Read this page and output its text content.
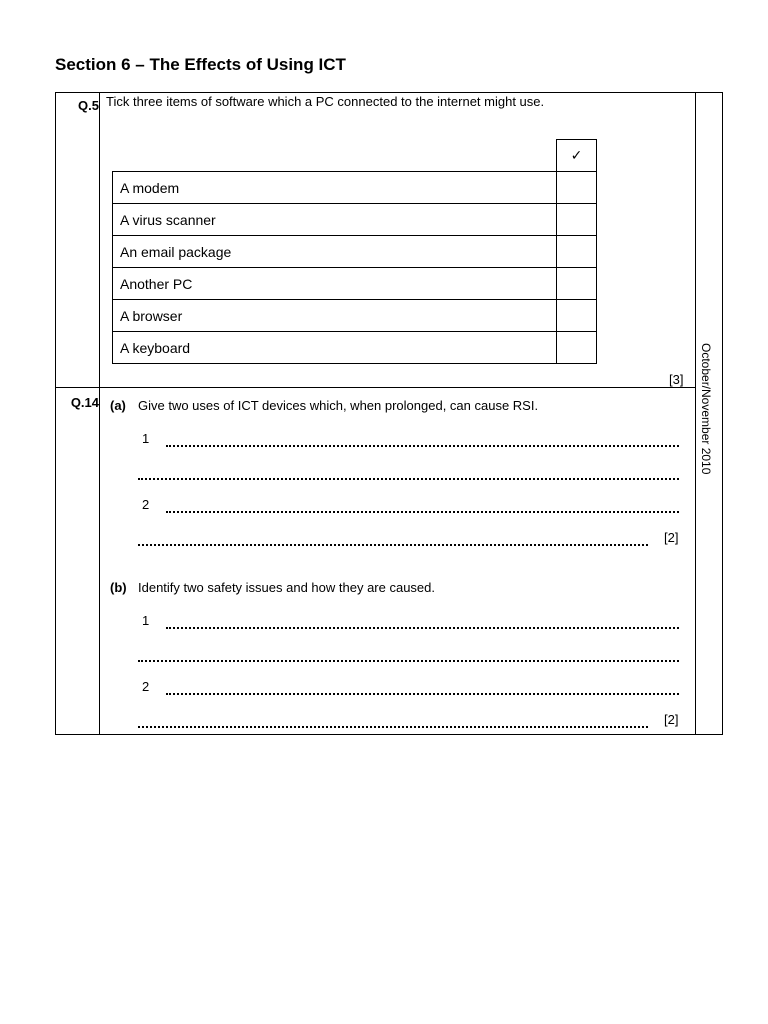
Section 6 – The Effects of Using ICT
Q.5 Tick three items of software which a PC connected to the internet might use.
	✓
A modem	
A virus scanner	
An email package	
Another PC	
A browser	
A keyboard	
[3]
Q.14 (a) Give two uses of ICT devices which, when prolonged, can cause RSI.
1
2
[2]
(b) Identify two safety issues and how they are caused.
1
2
[2]
October/November 2010
